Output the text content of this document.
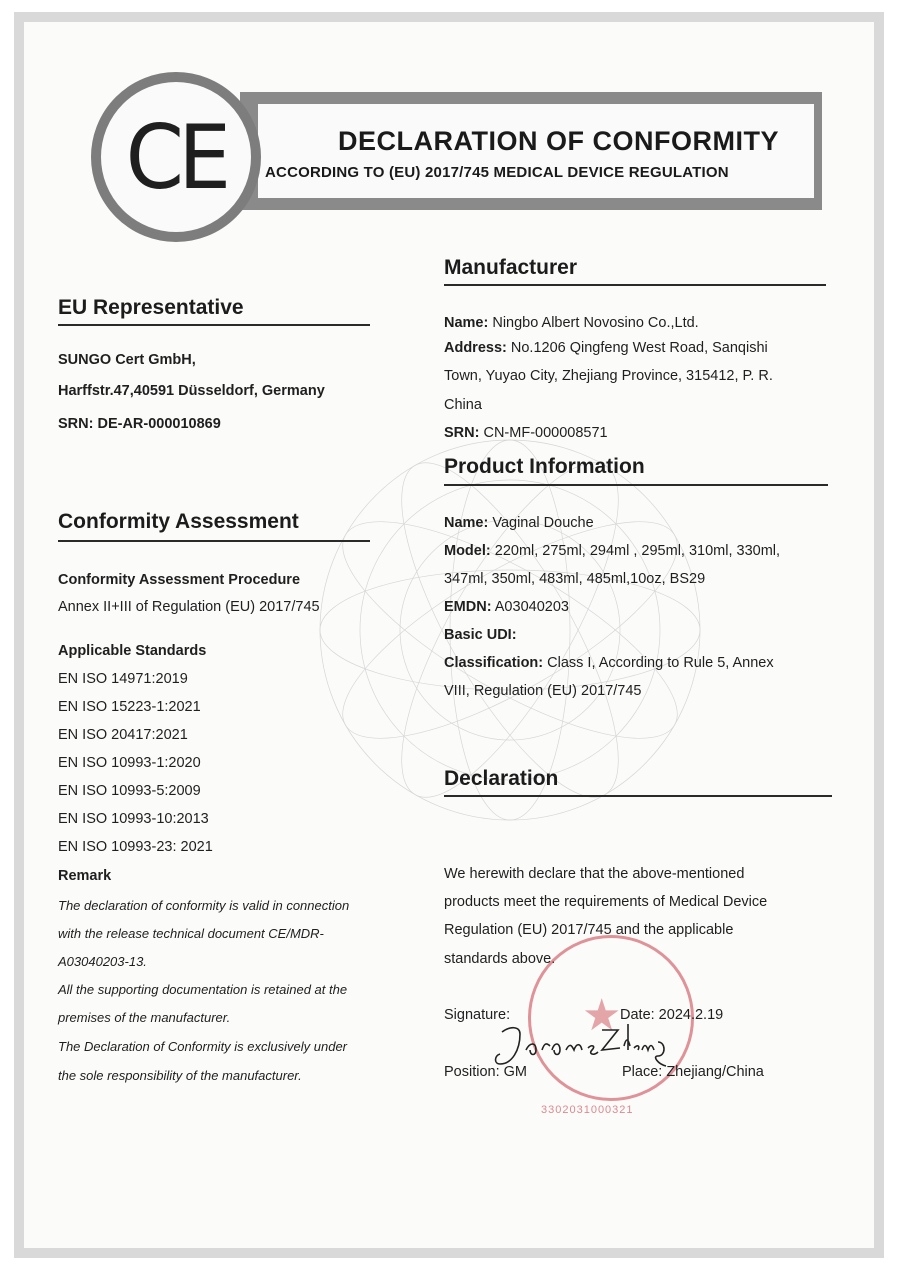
CE	DECLARATION OF CONFORMITY
ACCORDING TO (EU) 2017/745 MEDICAL DEVICE REGULATION
EU Representative
SUNGO Cert GmbH,
Harffstr.47,40591 Düsseldorf, Germany
SRN: DE-AR-000010869
Conformity Assessment
Conformity Assessment Procedure
Annex II+III of Regulation (EU) 2017/745
Applicable Standards
EN ISO 14971:2019
EN ISO 15223-1:2021
EN ISO 20417:2021
EN ISO 10993-1:2020
EN ISO 10993-5:2009
EN ISO 10993-10:2013
EN ISO 10993-23: 2021
Remark
The declaration of conformity is valid in connection
with the release technical document CE/MDR-
A03040203-13.
All the supporting documentation is retained at the
premises of the manufacturer.
The Declaration of Conformity is exclusively under
the sole responsibility of the manufacturer.
Manufacturer
Name: Ningbo Albert Novosino Co.,Ltd.
Address: No.1206 Qingfeng West Road, Sanqishi
Town, Yuyao City, Zhejiang Province, 315412, P. R.
China
SRN: CN-MF-000008571
Product Information
Name: Vaginal Douche
Model: 220ml, 275ml, 294ml , 295ml, 310ml, 330ml,
347ml, 350ml, 483ml, 485ml,10oz, BS29
EMDN: A03040203
Basic UDI:
Classification: Class I, According to Rule 5, Annex
VIII, Regulation (EU) 2017/745
Declaration
We herewith declare that the above-mentioned
products meet the requirements of Medical Device
Regulation (EU) 2017/745 and the applicable
standards above.
★
3302031000321
Signature:	Date: 2024.2.19
Position: GM	Place: Zhejiang/China
